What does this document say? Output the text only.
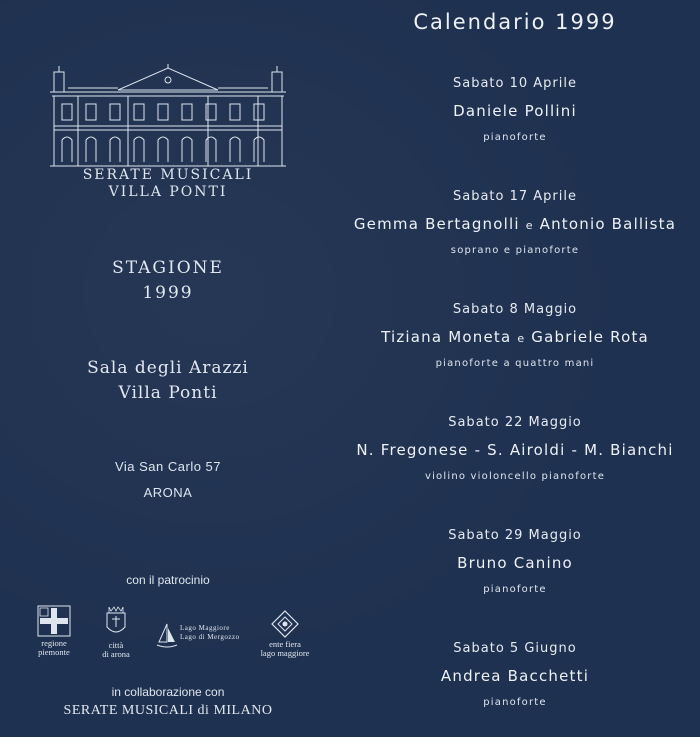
SERATE MUSICALI
VILLA PONTI
STAGIONE
1999
Sala degli Arazzi
Villa Ponti
Via San Carlo 57
ARONA
con il patrocinio
regione
piemonte
città
di arona
Lago Maggiore
Lago di Mergozzo
ente fiera
lago maggiore
in collaborazione con
SERATE MUSICALI di MILANO
Calendario 1999
Sabato 10 Aprile
Daniele Pollini
pianoforte
Sabato 17 Aprile
Gemma Bertagnolli e Antonio Ballista
soprano e pianoforte
Sabato 8 Maggio
Tiziana Moneta e Gabriele Rota
pianoforte a quattro mani
Sabato 22 Maggio
N. Fregonese - S. Airoldi - M. Bianchi
violino violoncello pianoforte
Sabato 29 Maggio
Bruno Canino
pianoforte
Sabato 5 Giugno
Andrea Bacchetti
pianoforte
